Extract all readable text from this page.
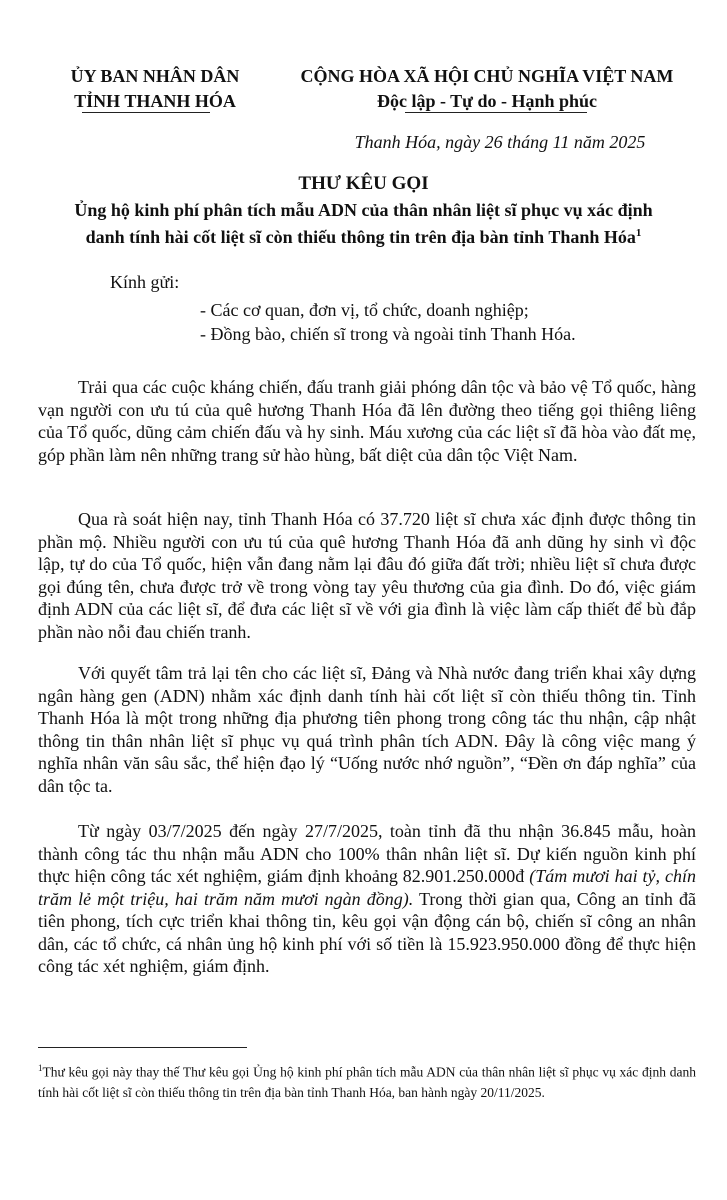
ỦY BAN NHÂN DÂN
TỈNH THANH HÓA
CỘNG HÒA XÃ HỘI CHỦ NGHĨA VIỆT NAM
Độc lập - Tự do - Hạnh phúc
Thanh Hóa, ngày 26 tháng 11 năm 2025
THƯ KÊU GỌI
Ủng hộ kinh phí phân tích mẫu ADN của thân nhân liệt sĩ phục vụ xác định
danh tính hài cốt liệt sĩ còn thiếu thông tin trên địa bàn tỉnh Thanh Hóa$^1$
Kính gửi:
- Các cơ quan, đơn vị, tổ chức, doanh nghiệp;
- Đồng bào, chiến sĩ trong và ngoài tỉnh Thanh Hóa.
Trải qua các cuộc kháng chiến, đấu tranh giải phóng dân tộc và bảo vệ Tổ quốc, hàng vạn người con ưu tú của quê hương Thanh Hóa đã lên đường theo tiếng gọi thiêng liêng của Tổ quốc, dũng cảm chiến đấu và hy sinh. Máu xương của các liệt sĩ đã hòa vào đất mẹ, góp phần làm nên những trang sử hào hùng, bất diệt của dân tộc Việt Nam.
Qua rà soát hiện nay, tỉnh Thanh Hóa có 37.720 liệt sĩ chưa xác định được thông tin phần mộ. Nhiều người con ưu tú của quê hương Thanh Hóa đã anh dũng hy sinh vì độc lập, tự do của Tổ quốc, hiện vẫn đang nằm lại đâu đó giữa đất trời; nhiều liệt sĩ chưa được gọi đúng tên, chưa được trở về trong vòng tay yêu thương của gia đình. Do đó, việc giám định ADN của các liệt sĩ, để đưa các liệt sĩ về với gia đình là việc làm cấp thiết để bù đắp phần nào nỗi đau chiến tranh.
Với quyết tâm trả lại tên cho các liệt sĩ, Đảng và Nhà nước đang triển khai xây dựng ngân hàng gen (ADN) nhằm xác định danh tính hài cốt liệt sĩ còn thiếu thông tin. Tỉnh Thanh Hóa là một trong những địa phương tiên phong trong công tác thu nhận, cập nhật thông tin thân nhân liệt sĩ phục vụ quá trình phân tích ADN. Đây là công việc mang ý nghĩa nhân văn sâu sắc, thể hiện đạo lý “Uống nước nhớ nguồn”, “Đền ơn đáp nghĩa” của dân tộc ta.
Từ ngày 03/7/2025 đến ngày 27/7/2025, toàn tỉnh đã thu nhận 36.845 mẫu, hoàn thành công tác thu nhận mẫu ADN cho 100% thân nhân liệt sĩ. Dự kiến nguồn kinh phí thực hiện công tác xét nghiệm, giám định khoảng 82.901.250.000đ (Tám mươi hai tỷ, chín trăm lẻ một triệu, hai trăm năm mươi ngàn đồng). Trong thời gian qua, Công an tỉnh đã tiên phong, tích cực triển khai thông tin, kêu gọi vận động cán bộ, chiến sĩ công an nhân dân, các tổ chức, cá nhân ủng hộ kinh phí với số tiền là 15.923.950.000 đồng để thực hiện công tác xét nghiệm, giám định.
$^1$Thư kêu gọi này thay thế Thư kêu gọi Ủng hộ kinh phí phân tích mẫu ADN của thân nhân liệt sĩ phục vụ xác định danh tính hài cốt liệt sĩ còn thiếu thông tin trên địa bàn tỉnh Thanh Hóa, ban hành ngày 20/11/2025.
